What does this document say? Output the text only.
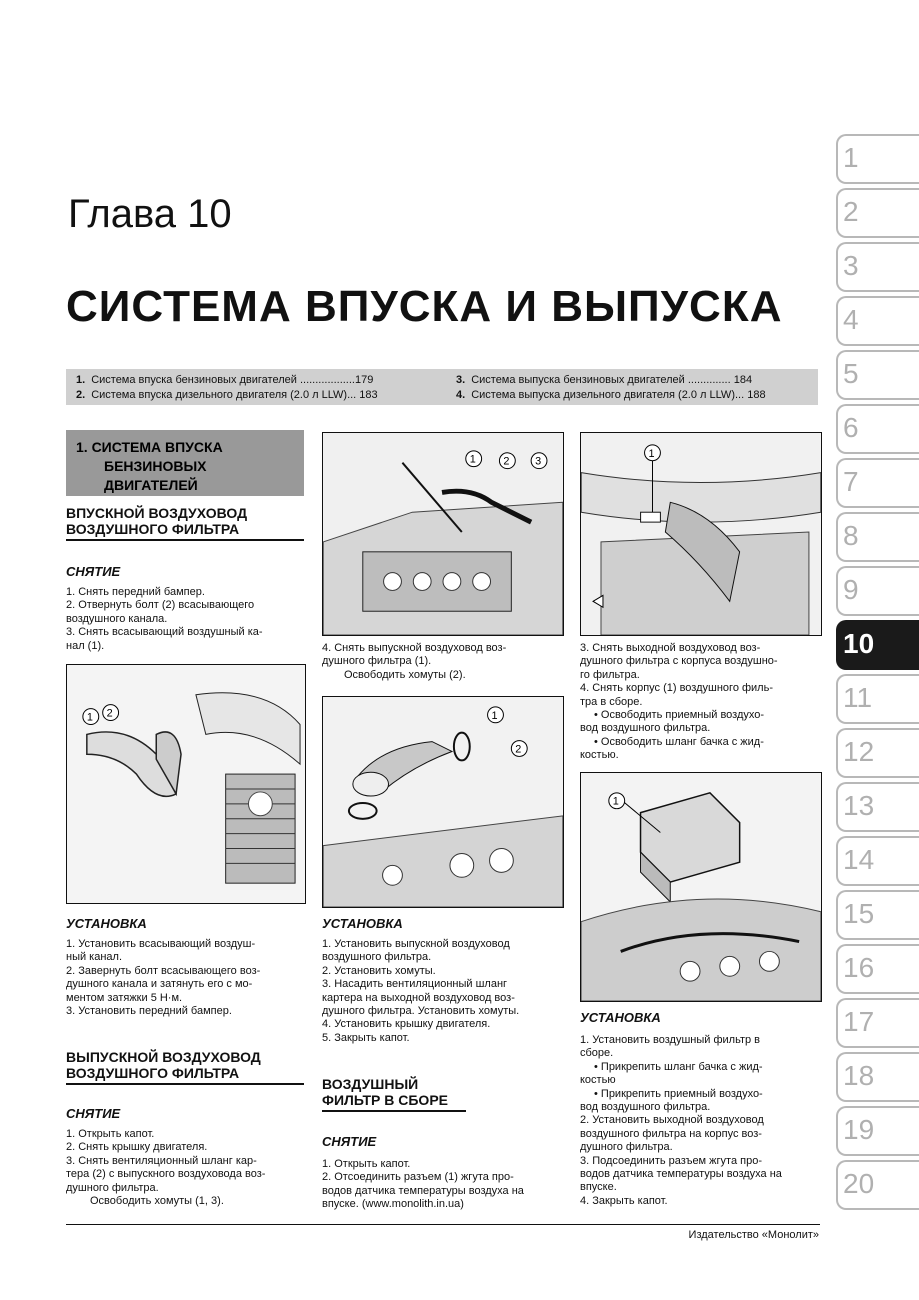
Глава 10
СИСТЕМА ВПУСКА И ВЫПУСКА
1. Система впуска бензиновых двигателей ..................179
2. Система впуска дизельного двигателя (2.0 л LLW)... 183
3. Система выпуска бензиновых двигателей .............. 184
4. Система выпуска дизельного двигателя (2.0 л LLW)... 188
1
2
3
4
5
6
7
8
9
10
11
12
13
14
15
16
17
18
19
20
1. СИСТЕМА ВПУСКА
БЕНЗИНОВЫХ
ДВИГАТЕЛЕЙ
ВПУСКНОЙ ВОЗДУХОВОД
ВОЗДУШНОГО ФИЛЬТРА
СНЯТИЕ

1. Снять передний бампер.

2. Отвернуть болт (2) всасывающего

воздушного канала.

3. Снять всасывающий воздушный ка-

нал (1).

1 2
УСТАНОВКА

1. Установить всасывающий воздуш-

ный канал.

2. Завернуть болт всасывающего воз-

душного канала и затянуть его с мо-

ментом затяжки 5 Н·м.

3. Установить передний бампер.

ВЫПУСКНОЙ ВОЗДУХОВОД
ВОЗДУШНОГО ФИЛЬТРА
СНЯТИЕ

1. Открыть капот.

2. Снять крышку двигателя.

3. Снять вентиляционный шланг кар-

тера (2) с выпускного воздуховода воз-

душного фильтра.

Освободить хомуты (1, 3).

1	2 3

4. Снять выпускной воздуховод воз-

душного фильтра (1).

Освободить хомуты (2).

1
2
УСТАНОВКА

1. Установить выпускной воздуховод

воздушного фильтра.

2. Установить хомуты.

3. Насадить вентиляционный шланг

картера на выходной воздуховод воз-

душного фильтра. Установить хомуты.

4. Установить крышку двигателя.

5. Закрыть капот.

ВОЗДУШНЫЙ
ФИЛЬТР В СБОРЕ
СНЯТИЕ

1. Открыть капот.

2. Отсоединить разъем (1) жгута про-

водов датчика температуры воздуха на

впуске. (www.monolith.in.ua)

1

3. Снять выходной воздуховод воз-

душного фильтра с корпуса воздушно-

го фильтра.

4. Снять корпус (1) воздушного филь-

тра в сборе.

• Освободить приемный воздухо-

вод воздушного фильтра.

• Освободить шланг бачка с жид-

костью.

1
УСТАНОВКА

1. Установить воздушный фильтр в

сборе.

• Прикрепить шланг бачка с жид-

костью

• Прикрепить приемный воздухо-

вод воздушного фильтра.

2. Установить выходной воздуховод

воздушного фильтра на корпус воз-

душного фильтра.

3. Подсоединить разъем жгута про-

водов датчика температуры воздуха на

впуске.

4. Закрыть капот.

Издательство «Монолит»
